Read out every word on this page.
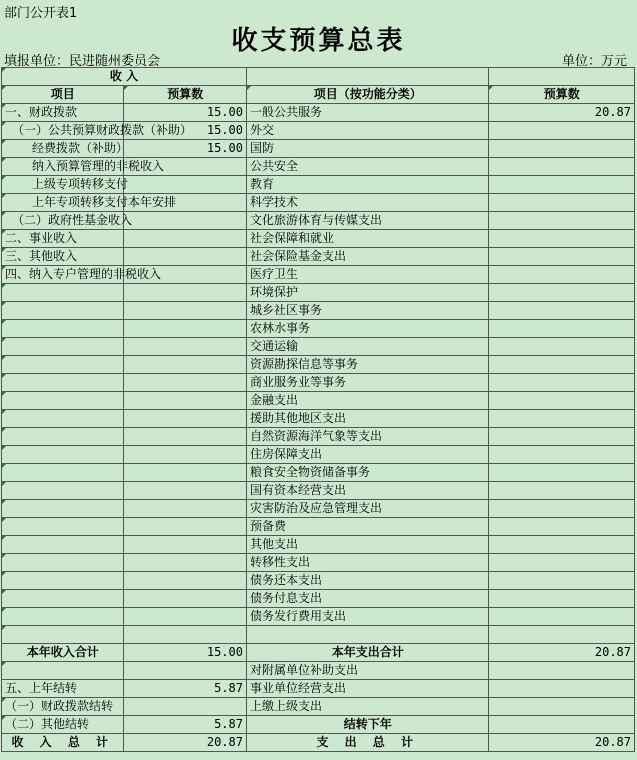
部门公开表1
收支预算总表
填报单位：民进随州委员会	单位：万元
收 入			
项目	预算数	项目（按功能分类）	预算数
一、财政拨款	15.00	一般公共服务	20.87
（一）公共预算财政拨款（补助）	15.00	外交	
经费拨款（补助）	15.00	国防	
纳入预算管理的非税收入		公共安全	
上级专项转移支付		教育	
上年专项转移支付本年安排		科学技术	
（二）政府性基金收入		文化旅游体育与传媒支出	
二、事业收入		社会保障和就业	
三、其他收入		社会保险基金支出	
四、纳入专户管理的非税收入		医疗卫生	
		环境保护	
		城乡社区事务	
		农林水事务	
		交通运输	
		资源勘探信息等事务	
		商业服务业等事务	
		金融支出	
		援助其他地区支出	
		自然资源海洋气象等支出	
		住房保障支出	
		粮食安全物资储备事务	
		国有资本经营支出	
		灾害防治及应急管理支出	
		预备费	
		其他支出	
		转移性支出	
		债务还本支出	
		债务付息支出	
		债务发行费用支出	

本年收入合计	15.00	本年支出合计	20.87
		对附属单位补助支出	
五、上年结转	5.87	事业单位经营支出	
（一）财政拨款结转		上缴上级支出	
（二）其他结转	5.87	结转下年	
收 入 总 计	20.87	支 出 总 计	20.87
